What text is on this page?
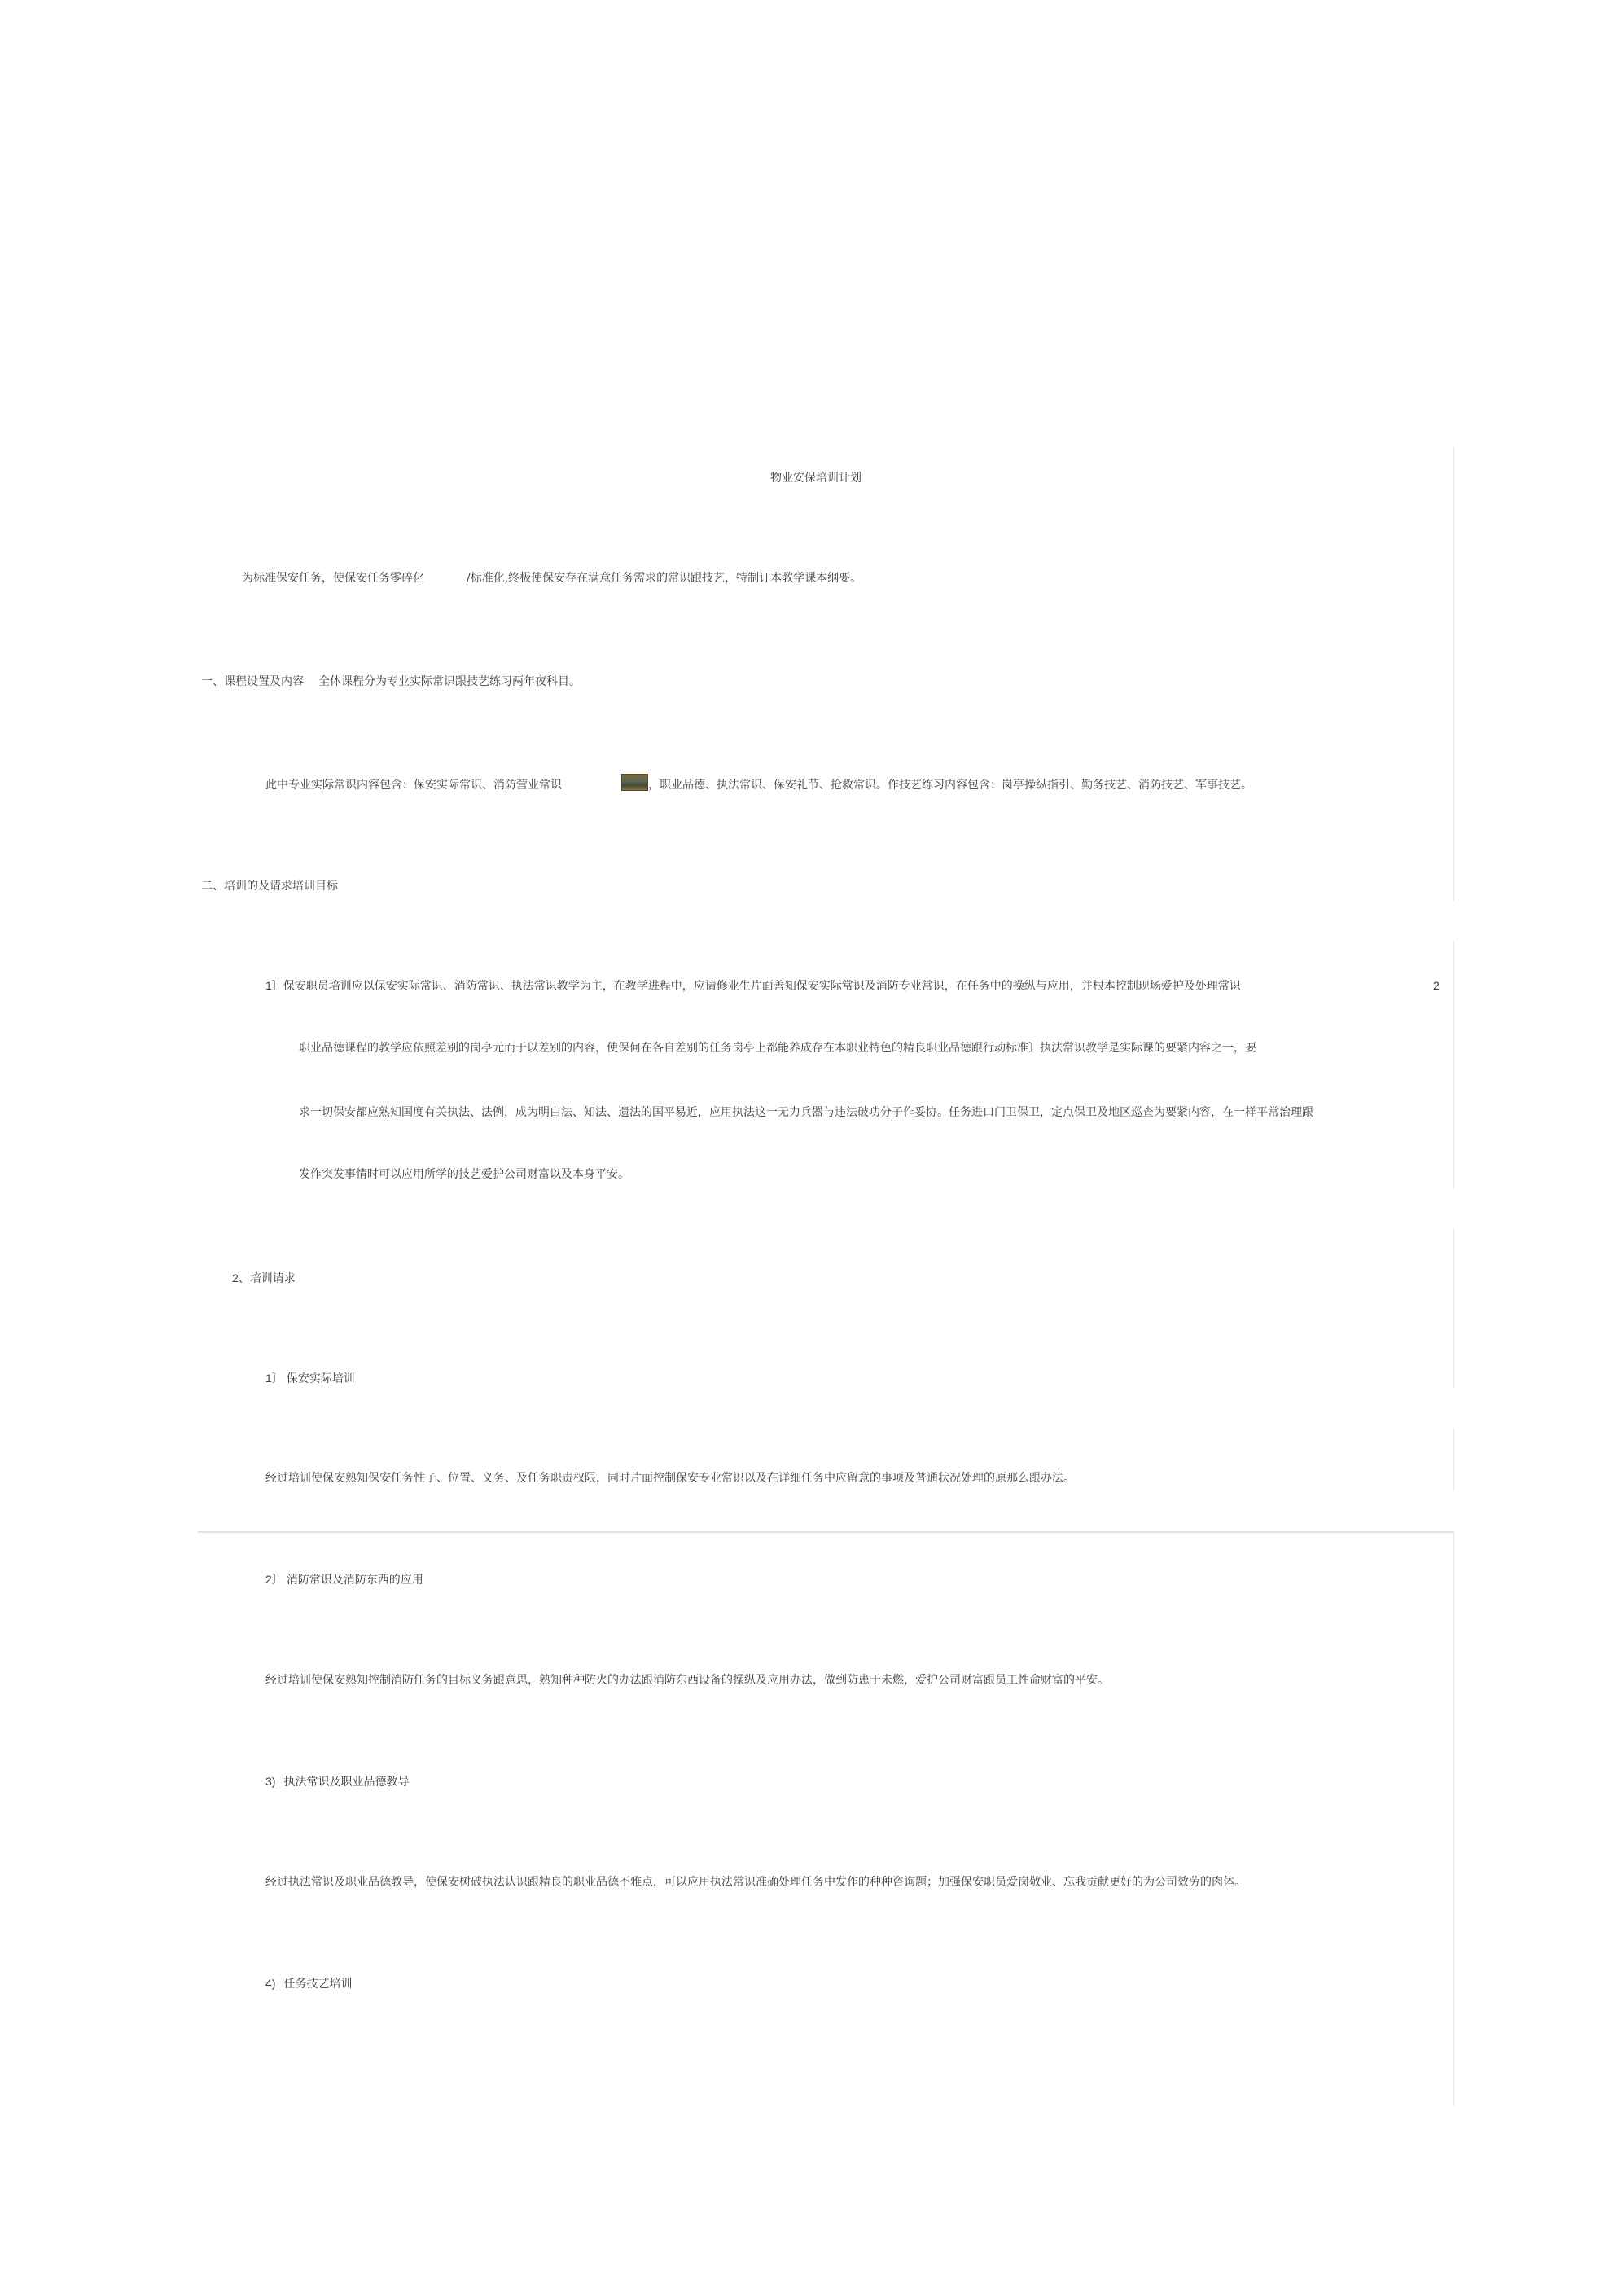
物业安保培训计划
为标准保安任务，使保安任务零碎化	/标准化,终极使保安存在满意任务需求的常识跟技艺，特制订本教学课本纲要。
一、课程设置及内容 全体课程分为专业实际常识跟技艺练习两年夜科目。
此中专业实际常识内容包含：保安实际常识、消防营业常识	，职业品德、执法常识、保安礼节、抢救常识。作技艺练习内容包含：岗亭操纵指引、勤务技艺、消防技艺、军事技艺。
二、培训的及请求培训目标
1〕保安职员培训应以保安实际常识、消防常识、执法常识教学为主，在教学进程中，应请修业生片面善知保安实际常识及消防专业常识，在任务中的操纵与应用，并根本控制现场爱护及处理常识	2
职业品德课程的教学应依照差别的岗亭元而于以差别的内容，使保何在各自差别的任务岗亭上都能养成存在本职业特色的精良职业品德跟行动标准〕执法常识教学是实际课的要紧内容之一，要
求一切保安都应熟知国度有关执法、法例，成为明白法、知法、遗法的国平易近，应用执法这一无力兵器与违法破功分子作妥协。任务进口门卫保卫，定点保卫及地区巡查为要紧内容，在一样平常治理跟
发作突发事情时可以应用所学的技艺爱护公司财富以及本身平安。
2、培训请求
1〕 保安实际培训
经过培训使保安熟知保安任务性子、位置、义务、及任务职责权限，同时片面控制保安专业常识以及在详细任务中应留意的事项及普通状况处理的原那么跟办法。
2〕 消防常识及消防东西的应用
经过培训使保安熟知控制消防任务的目标义务跟意思，熟知种种防火的办法跟消防东西设备的操纵及应用办法，做到防患于未燃，爱护公司财富跟员工性命财富的平安。
3) 执法常识及职业品德教导
经过执法常识及职业品德教导，使保安树破执法认识跟精良的职业品德不雅点，可以应用执法常识准确处理任务中发作的种种咨询题；加强保安职员爱岗敬业、忘我贡献更好的为公司效劳的肉体。
4) 任务技艺培训
